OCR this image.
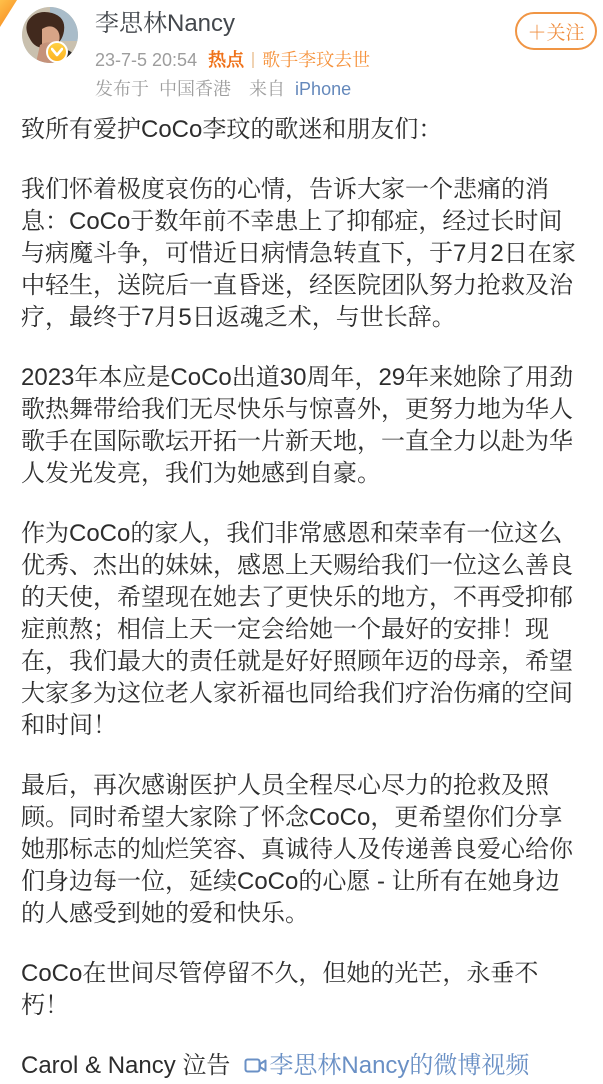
李思林Nancy
23-7-5 20:54 热点 歌手李玟去世
发布于 中国香港 来自 iPhone
＋关注

致所有爱护CoCo李玟的歌迷和朋友们：

我们怀着极度哀伤的心情，告诉大家一个悲痛的消息：CoCo于数年前不幸患上了抑郁症，经过长时间与病魔斗争，可惜近日病情急转直下，于7月2日在家中轻生，送院后一直昏迷，经医院团队努力抢救及治疗，最终于7月5日返魂乏术，与世长辞。

2023年本应是CoCo出道30周年，29年来她除了用劲歌热舞带给我们无尽快乐与惊喜外，更努力地为华人歌手在国际歌坛开拓一片新天地，一直全力以赴为华人发光发亮，我们为她感到自豪。

作为CoCo的家人，我们非常感恩和荣幸有一位这么优秀、杰出的妹妹，感恩上天赐给我们一位这么善良的天使，希望现在她去了更快乐的地方，不再受抑郁症煎熬；相信上天一定会给她一个最好的安排！现在，我们最大的责任就是好好照顾年迈的母亲，希望大家多为这位老人家祈福也同给我们疗治伤痛的空间和时间！

最后，再次感谢医护人员全程尽心尽力的抢救及照顾。同时希望大家除了怀念CoCo，更希望你们分享她那标志的灿烂笑容、真诚待人及传递善良爱心给你们身边每一位，延续CoCo的心愿 - 让所有在她身边的人感受到她的爱和快乐。

CoCo在世间尽管停留不久，但她的光芒，永垂不朽！

Carol & Nancy 泣告 李思林Nancy的微博视频
